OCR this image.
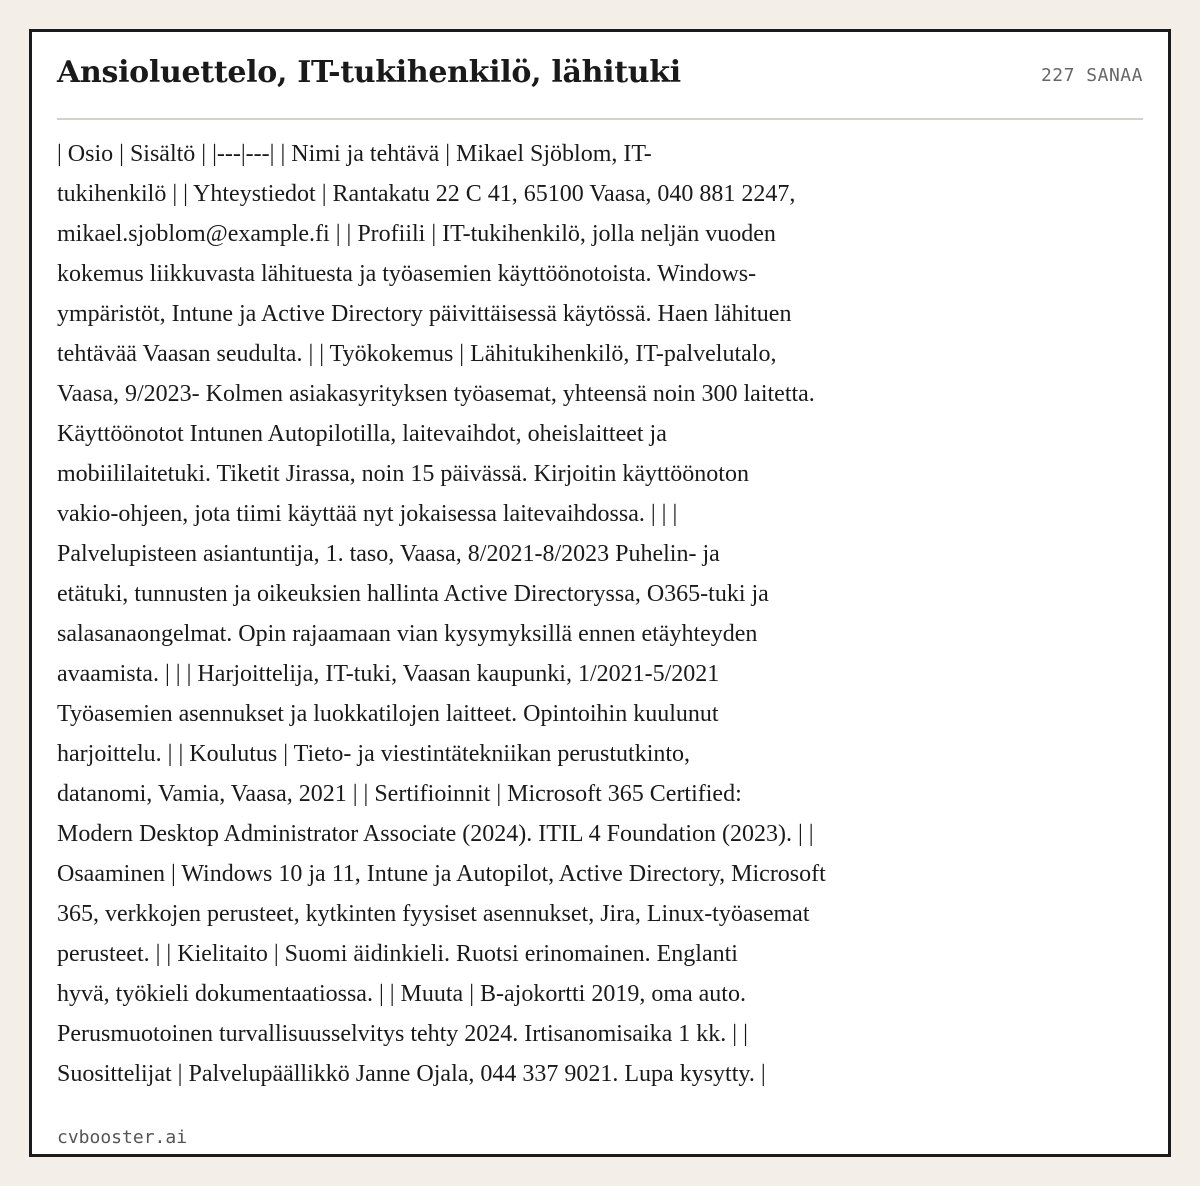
Ansioluettelo, IT-tukihenkilö, lähituki	227 SANAA
| Osio | Sisältö | |---|---| | Nimi ja tehtävä | Mikael Sjöblom, IT-
tukihenkilö | | Yhteystiedot | Rantakatu 22 C 41, 65100 Vaasa, 040 881 2247,
mikael.sjoblom@example.fi | | Profiili | IT-tukihenkilö, jolla neljän vuoden
kokemus liikkuvasta lähituesta ja työasemien käyttöönotoista. Windows-
ympäristöt, Intune ja Active Directory päivittäisessä käytössä. Haen lähituen
tehtävää Vaasan seudulta. | | Työkokemus | Lähitukihenkilö, IT-palvelutalo,
Vaasa, 9/2023- Kolmen asiakasyrityksen työasemat, yhteensä noin 300 laitetta.
Käyttöönotot Intunen Autopilotilla, laitevaihdot, oheislaitteet ja
mobiililaitetuki. Tiketit Jirassa, noin 15 päivässä. Kirjoitin käyttöönoton
vakio-ohjeen, jota tiimi käyttää nyt jokaisessa laitevaihdossa. | | |
Palvelupisteen asiantuntija, 1. taso, Vaasa, 8/2021-8/2023 Puhelin- ja
etätuki, tunnusten ja oikeuksien hallinta Active Directoryssa, O365-tuki ja
salasanaongelmat. Opin rajaamaan vian kysymyksillä ennen etäyhteyden
avaamista. | | | Harjoittelija, IT-tuki, Vaasan kaupunki, 1/2021-5/2021
Työasemien asennukset ja luokkatilojen laitteet. Opintoihin kuulunut
harjoittelu. | | Koulutus | Tieto- ja viestintätekniikan perustutkinto,
datanomi, Vamia, Vaasa, 2021 | | Sertifioinnit | Microsoft 365 Certified:
Modern Desktop Administrator Associate (2024). ITIL 4 Foundation (2023). | |
Osaaminen | Windows 10 ja 11, Intune ja Autopilot, Active Directory, Microsoft
365, verkkojen perusteet, kytkinten fyysiset asennukset, Jira, Linux-työasemat
perusteet. | | Kielitaito | Suomi äidinkieli. Ruotsi erinomainen. Englanti
hyvä, työkieli dokumentaatiossa. | | Muuta | B-ajokortti 2019, oma auto.
Perusmuotoinen turvallisuusselvitys tehty 2024. Irtisanomisaika 1 kk. | |
Suosittelijat | Palvelupäällikkö Janne Ojala, 044 337 9021. Lupa kysytty. |
cvbooster.ai
